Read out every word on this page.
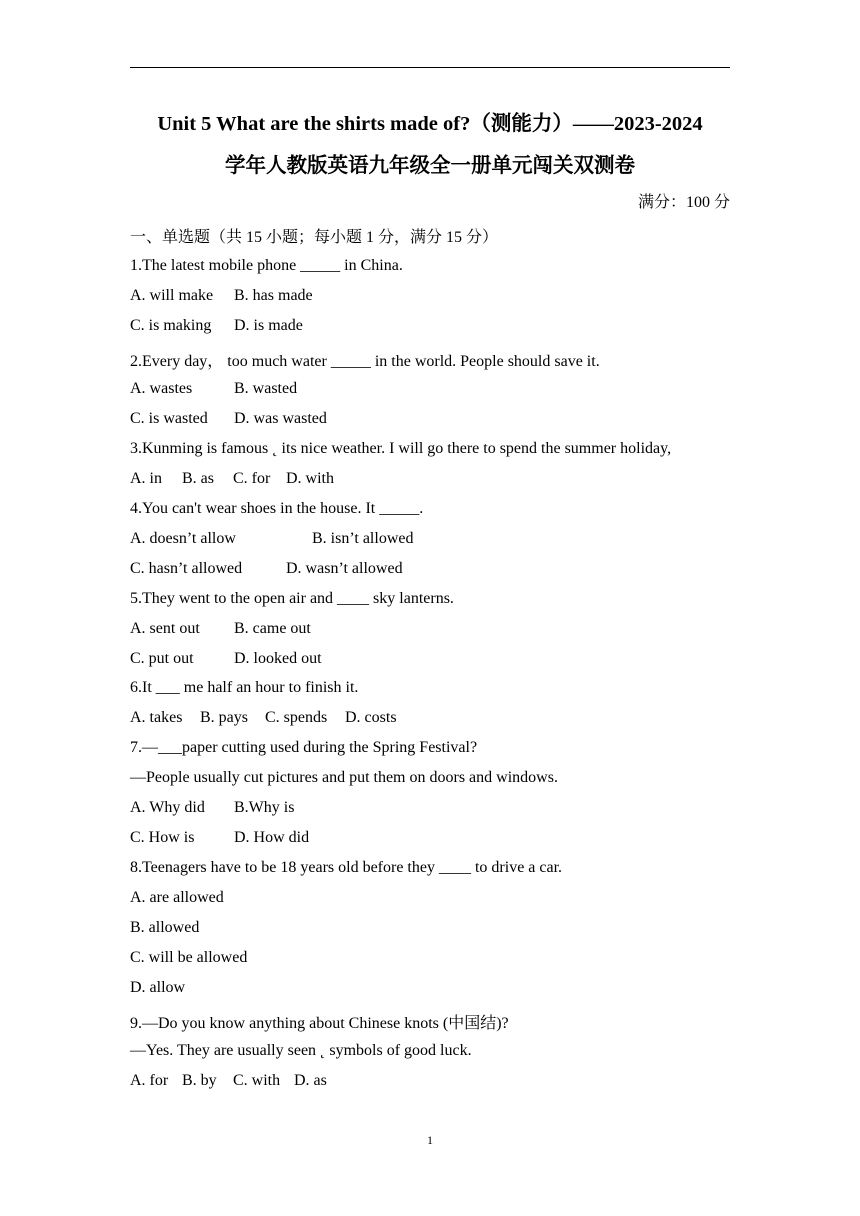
Unit 5 What are the shirts made of?（测能力）——2023-2024
学年人教版英语九年级全一册单元闯关双测卷
满分：100 分
一、单选题（共 15 小题；每小题 1 分，满分 15 分）
1.The latest mobile phone _____ in China.
A. will make B. has made
C. is making D. is made
2.Every day， too much water _____ in the world. People should save it.
A. wastes	B. wasted
C. is wasted D. was wasted
3.Kunming is famous ˛ its nice weather. I will go there to spend the summer holiday,
A. in B. as C. for D. with
4.You can't wear shoes in the house. It _____.
A. doesn’t allow	B. isn’t allowed
C. hasn’t allowed	D. wasn’t allowed
5.They went to the open air and ____ sky lanterns.
A. sent out B. came out
C. put out	D. looked out
6.It ___ me half an hour to finish it.
A. takes B. pays C. spends D. costs
7.—___paper cutting used during the Spring Festival?
—People usually cut pictures and put them on doors and windows.
A. Why did B.Why is
C. How is D. How did
8.Teenagers have to be 18 years old before they ____ to drive a car.
A. are allowed
B. allowed
C. will be allowed
D. allow
9.—Do you know anything about Chinese knots (中国结)?
—Yes. They are usually seen ˛ symbols of good luck.
A. for B. by C. with D. as
1
